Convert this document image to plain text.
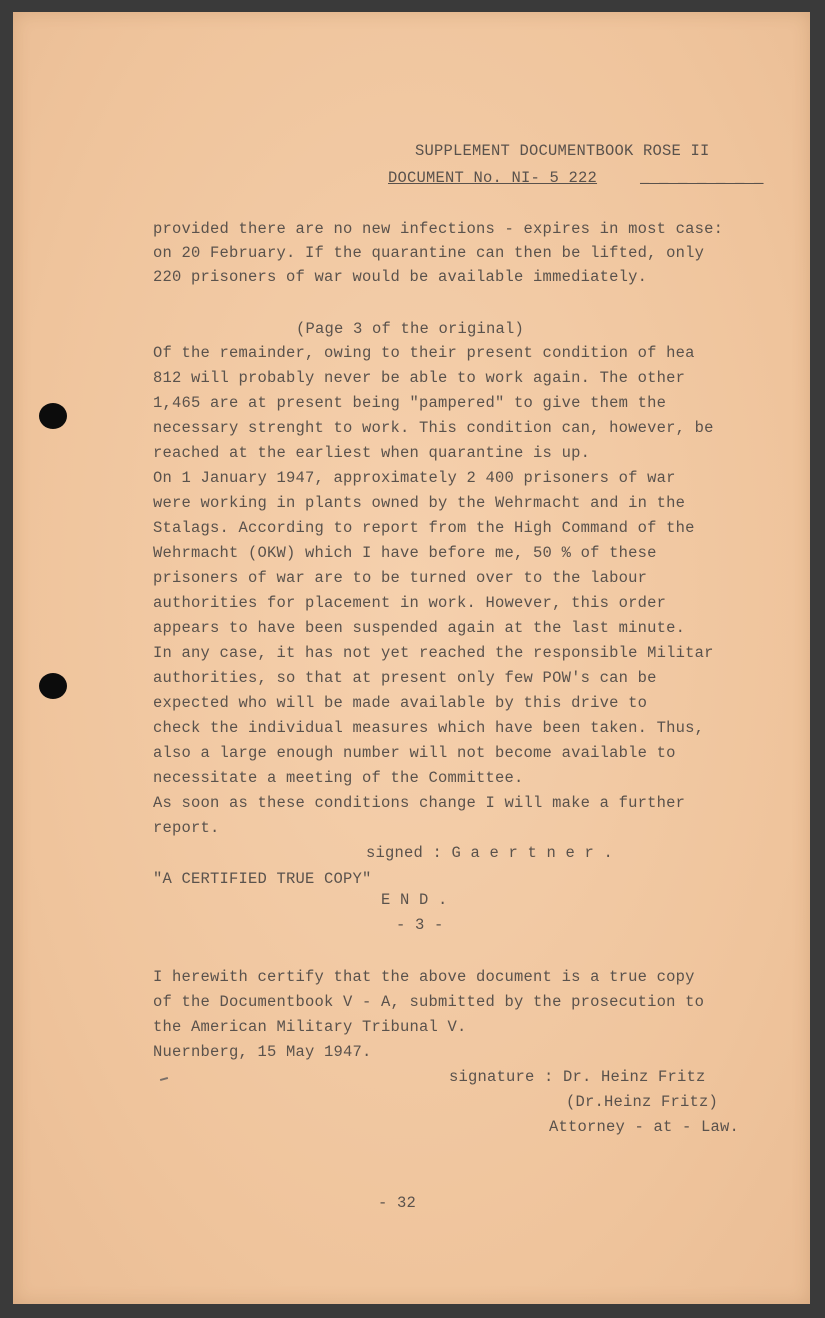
SUPPLEMENT DOCUMENTBOOK ROSE II
DOCUMENT No. NI- 5 222	_ _ _ _ _ _ _
provided there are no new infections - expires in most case:
on 20 February. If the quarantine can then be lifted, only
220 prisoners of war would be available immediately.
(Page 3 of the original)
Of the remainder, owing to their present condition of hea
812 will probably never be able to work again. The other
1,465 are at present being "pampered" to give them the
necessary strenght to work. This condition can, however, be
reached at the earliest when quarantine is up.
On 1 January 1947, approximately 2 400 prisoners of war
were working in plants owned by the Wehrmacht and in the
Stalags. According to report from the High Command of the
Wehrmacht (OKW) which I have before me, 50 % of these
prisoners of war are to be turned over to the labour
authorities for placement in work. However, this order
appears to have been suspended again at the last minute.
In any case, it has not yet reached the responsible Militar
authorities, so that at present only few POW's can be
expected who will be made available by this drive to
check the individual measures which have been taken. Thus,
also a large enough number will not become available to
necessitate a meeting of the Committee.
As soon as these conditions change I will make a further
report.
signed : G a e r t n e r .
"A CERTIFIED TRUE COPY"
E N D .
- 3 -
I herewith certify that the above document is a true copy
of the Documentbook V - A, submitted by the prosecution to
the American Military Tribunal V.
Nuernberg, 15 May 1947.
signature : Dr. Heinz Fritz
(Dr.Heinz Fritz)
Attorney - at - Law.
- 32
